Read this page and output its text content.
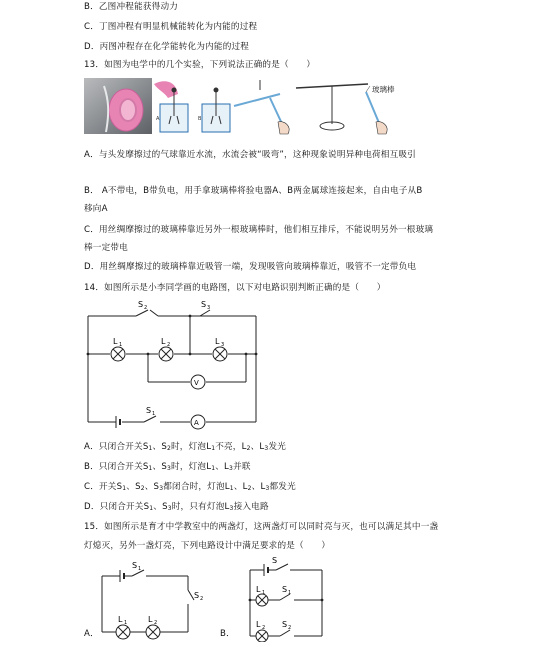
B．乙图冲程能获得动力
C．丁图冲程有明显机械能转化为内能的过程
D．丙图冲程存在化学能转化为内能的过程
13．如图为电学中的几个实验，下列说法正确的是（　　）
A	B
玻璃棒
A．与头发摩擦过的气球靠近水流，水流会被“吸弯”，这种现象说明异种电荷相互吸引
B． A不带电，B带负电，用手拿玻璃棒将验电器A、B两金属球连接起来，自由电子从B
移向A
C．用丝绸摩擦过的玻璃棒靠近另外一根玻璃棒时，他们相互排斥，不能说明另外一根玻璃
棒一定带电
D．用丝绸摩擦过的玻璃棒靠近吸管一端，发现吸管向玻璃棒靠近，吸管不一定带负电
14．如图所示是小李同学画的电路图，以下对电路识别判断正确的是（　　）
S 2	S 3
L 1	L 2	L 3
V
A
S 1
A．只闭合开关S1、S2时，灯泡L1不亮，L2、L3发光
B．只闭合开关S1、S3时，灯泡L1、L3并联
C．开关S1、S2、S3都闭合时，灯泡L1、L2、L3都发光
D．只闭合开关S1、S3时，只有灯泡L3接入电路
15．如图所示是育才中学教室中的两盏灯，这两盏灯可以同时亮与灭，也可以满足其中一盏
灯熄灭，另外一盏灯亮，下列电路设计中满足要求的是（　　）
A．
S 1
S 2
L 1	L 2
B．
S
L 1 S 1
L 2 S 2
